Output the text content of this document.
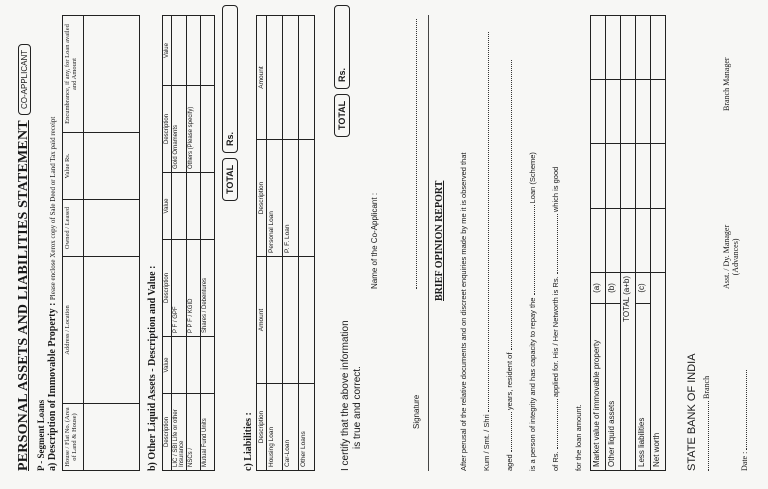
PERSONAL ASSETS AND LIABILITIES STATEMENT
CO-APPLICANT
P - Segment Loans a) Description of Immovable Property : Please enclose Xerox copy of Sale Deed or Land Tax paid receipt
House / Flat No. (Area of Land & House)	Address / Location	Owned / Leased	Value Rs.	Encumbrance, if any, for Loan availed and Amount

b) Other Liquid Assets - Description and Value : Description	Value	Description	Value	Description	Value
LIC / SBI Life or other Insurance		P F / GPF		Gold Ornaments	
NSCs /		P P F / KGID		Others (Please specify)	
Mutual Fund Units		Shares / Debentures			
TOTAL
Rs.
c) Liabilities : Description	Amount	Description	Amount
Housing Loan		Personal Loan	
Car-Loan		P. F. Loan	
Other Loans			
TOTAL
Rs.
I certify that the above information is true and correct.
Name of the Co-Applicant :
Signature
BRIEF OPINION REPORT	After perusal of the relative documents and on discreet enquiries made by me it is observed that	Kum / Smt. / Shri	aged  years, resident of	is a person of integrity and has capacity to repay the  Loan (Scheme)
of Rs.  applied for. His / Her Networth is Rs.  which is good
for the loan amount.	Market value of immovable property	(a)				
Other liquid assets	(b)				
TOTAL (a+b)					
Less liabilities	(c)				
Net worth					STATE BANK OF INDIA Branch
Date :
Asst. / Dy. Manager (Advances)
Branch Manager
